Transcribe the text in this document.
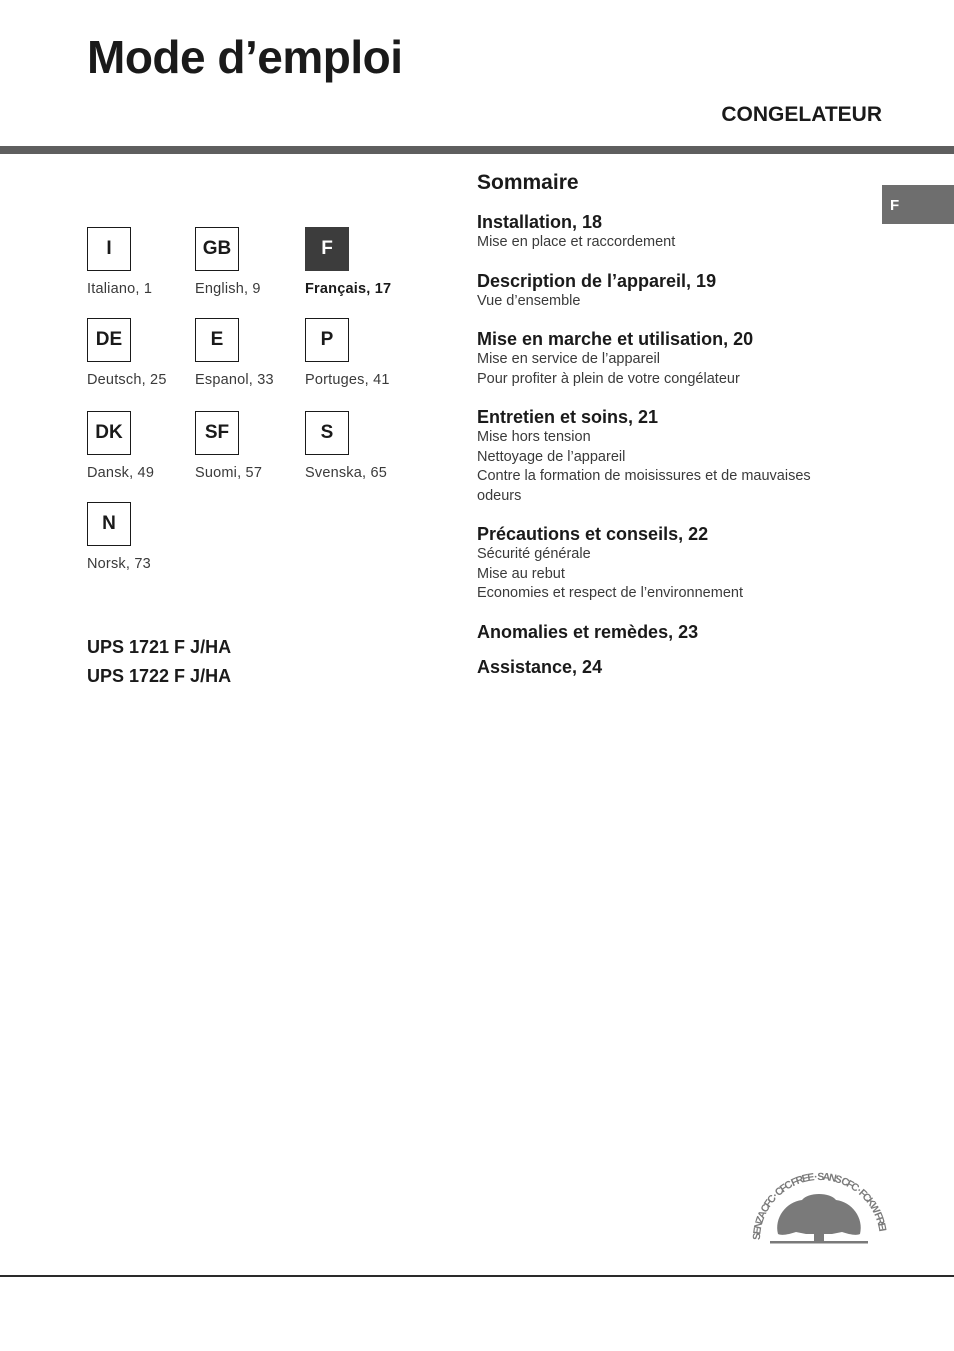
Mode d’emploi
CONGELATEUR
F
I
Italiano, 1
GB
English, 9
F
Français, 17
DE
Deutsch, 25
E
Espanol, 33
P
Portuges, 41
DK
Dansk, 49
SF
Suomi, 57
S
Svenska, 65
N
Norsk, 73
UPS 1721 F J/HA
UPS 1722 F J/HA
Sommaire
Installation, 18
Mise en place et raccordement
Description de l’appareil, 19
Vue d’ensemble
Mise en marche et utilisation, 20
Mise en service de l’appareil
Pour profiter à plein de votre congélateur
Entretien et soins, 21
Mise hors tension
Nettoyage de l’appareil
Contre la formation de moisissures et de mauvaises odeurs
Précautions et conseils, 22
Sécurité générale
Mise au rebut
Economies et respect de l’environnement
Anomalies et remèdes, 23
Assistance, 24
SENZA CFC · CFC FREE · SANS CFC · FCKW FREI
